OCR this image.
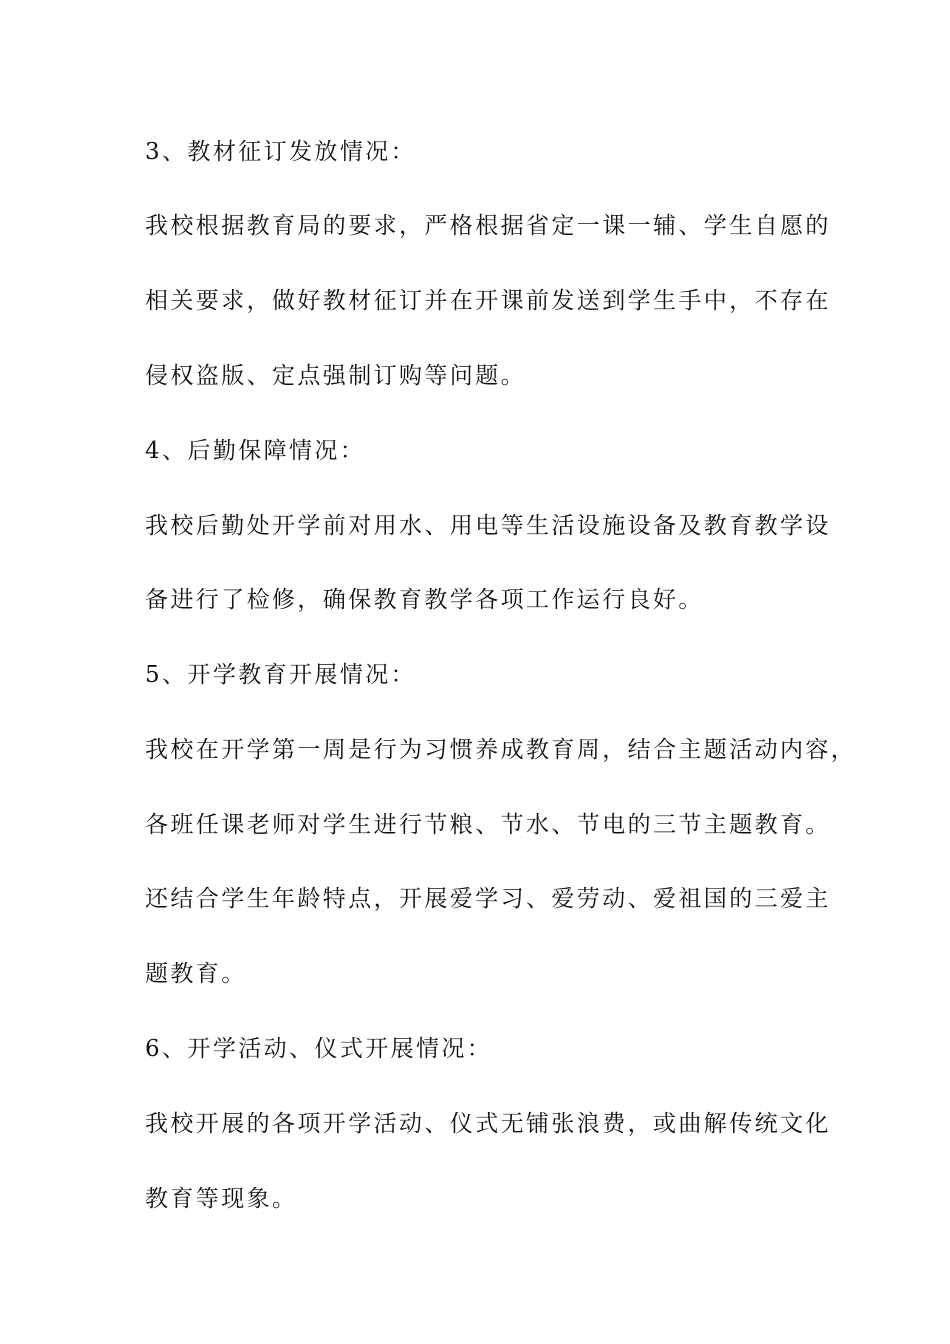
3、教材征订发放情况：
我校根据教育局的要求，严格根据省定一课一辅、学生自愿的
相关要求，做好教材征订并在开课前发送到学生手中，不存在
侵权盗版、定点强制订购等问题。
4、后勤保障情况：
我校后勤处开学前对用水、用电等生活设施设备及教育教学设
备进行了检修，确保教育教学各项工作运行良好。
5、开学教育开展情况：
我校在开学第一周是行为习惯养成教育周，结合主题活动内容，
各班任课老师对学生进行节粮、节水、节电的三节主题教育。
还结合学生年龄特点，开展爱学习、爱劳动、爱祖国的三爱主
题教育。
6、开学活动、仪式开展情况：
我校开展的各项开学活动、仪式无铺张浪费，或曲解传统文化
教育等现象。
